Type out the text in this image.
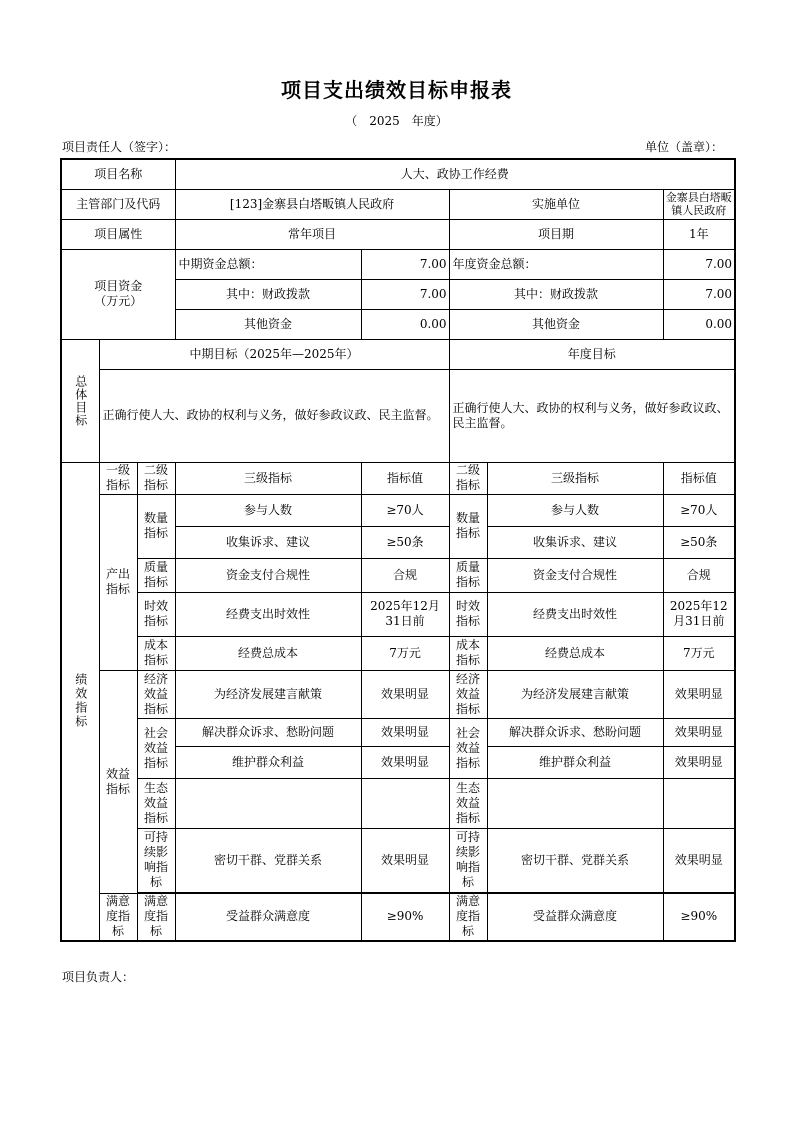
项目支出绩效目标申报表
（　2025　年度）
项目责任人（签字）：	单位（盖章）：
项目名称			人大、政协工作经费				
主管部门及代码			[123]金寨县白塔畈镇人民政府		实施单位		金寨县白塔畈镇人民政府
项目属性			常年项目		项目期		1年
项目资金
（万元）			中期资金总额：	7.00	年度资金总额：		7.00
			其中：财政拨款	7.00	其中：财政拨款		7.00
			其他资金	0.00	其他资金		0.00
总体目标	中期目标（2025年—2025年）				年度目标		
	正确行使人大、政协的权利与义务，做好参政议政、民主监督。				正确行使人大、政协的权利与义务，做好参政议政、民主监督。		
绩效指标	一级指标	二级指标	三级指标	指标值	二级指标	三级指标	指标值
	产出指标	数量指标	参与人数	≥70人	数量指标	参与人数	≥70人
			收集诉求、建议	≥50条		收集诉求、建议	≥50条
		质量指标	资金支付合规性	合规	质量指标	资金支付合规性	合规
		时效指标	经费支出时效性	2025年12月31日前	时效指标	经费支出时效性	2025年12月31日前
		成本指标	经费总成本	7万元	成本指标	经费总成本	7万元
	效益指标	经济效益指标	为经济发展建言献策	效果明显	经济效益指标	为经济发展建言献策	效果明显
		社会效益指标	解决群众诉求、愁盼问题	效果明显	社会效益指标	解决群众诉求、愁盼问题	效果明显
			维护群众利益	效果明显		维护群众利益	效果明显
		生态效益指标			生态效益指标		
		可持续影响指标	密切干群、党群关系	效果明显	可持续影响指标	密切干群、党群关系	效果明显

	满意度指标	满意度指标	受益群众满意度	≥90%	满意度指标	受益群众满意度	≥90%
项目负责人：
